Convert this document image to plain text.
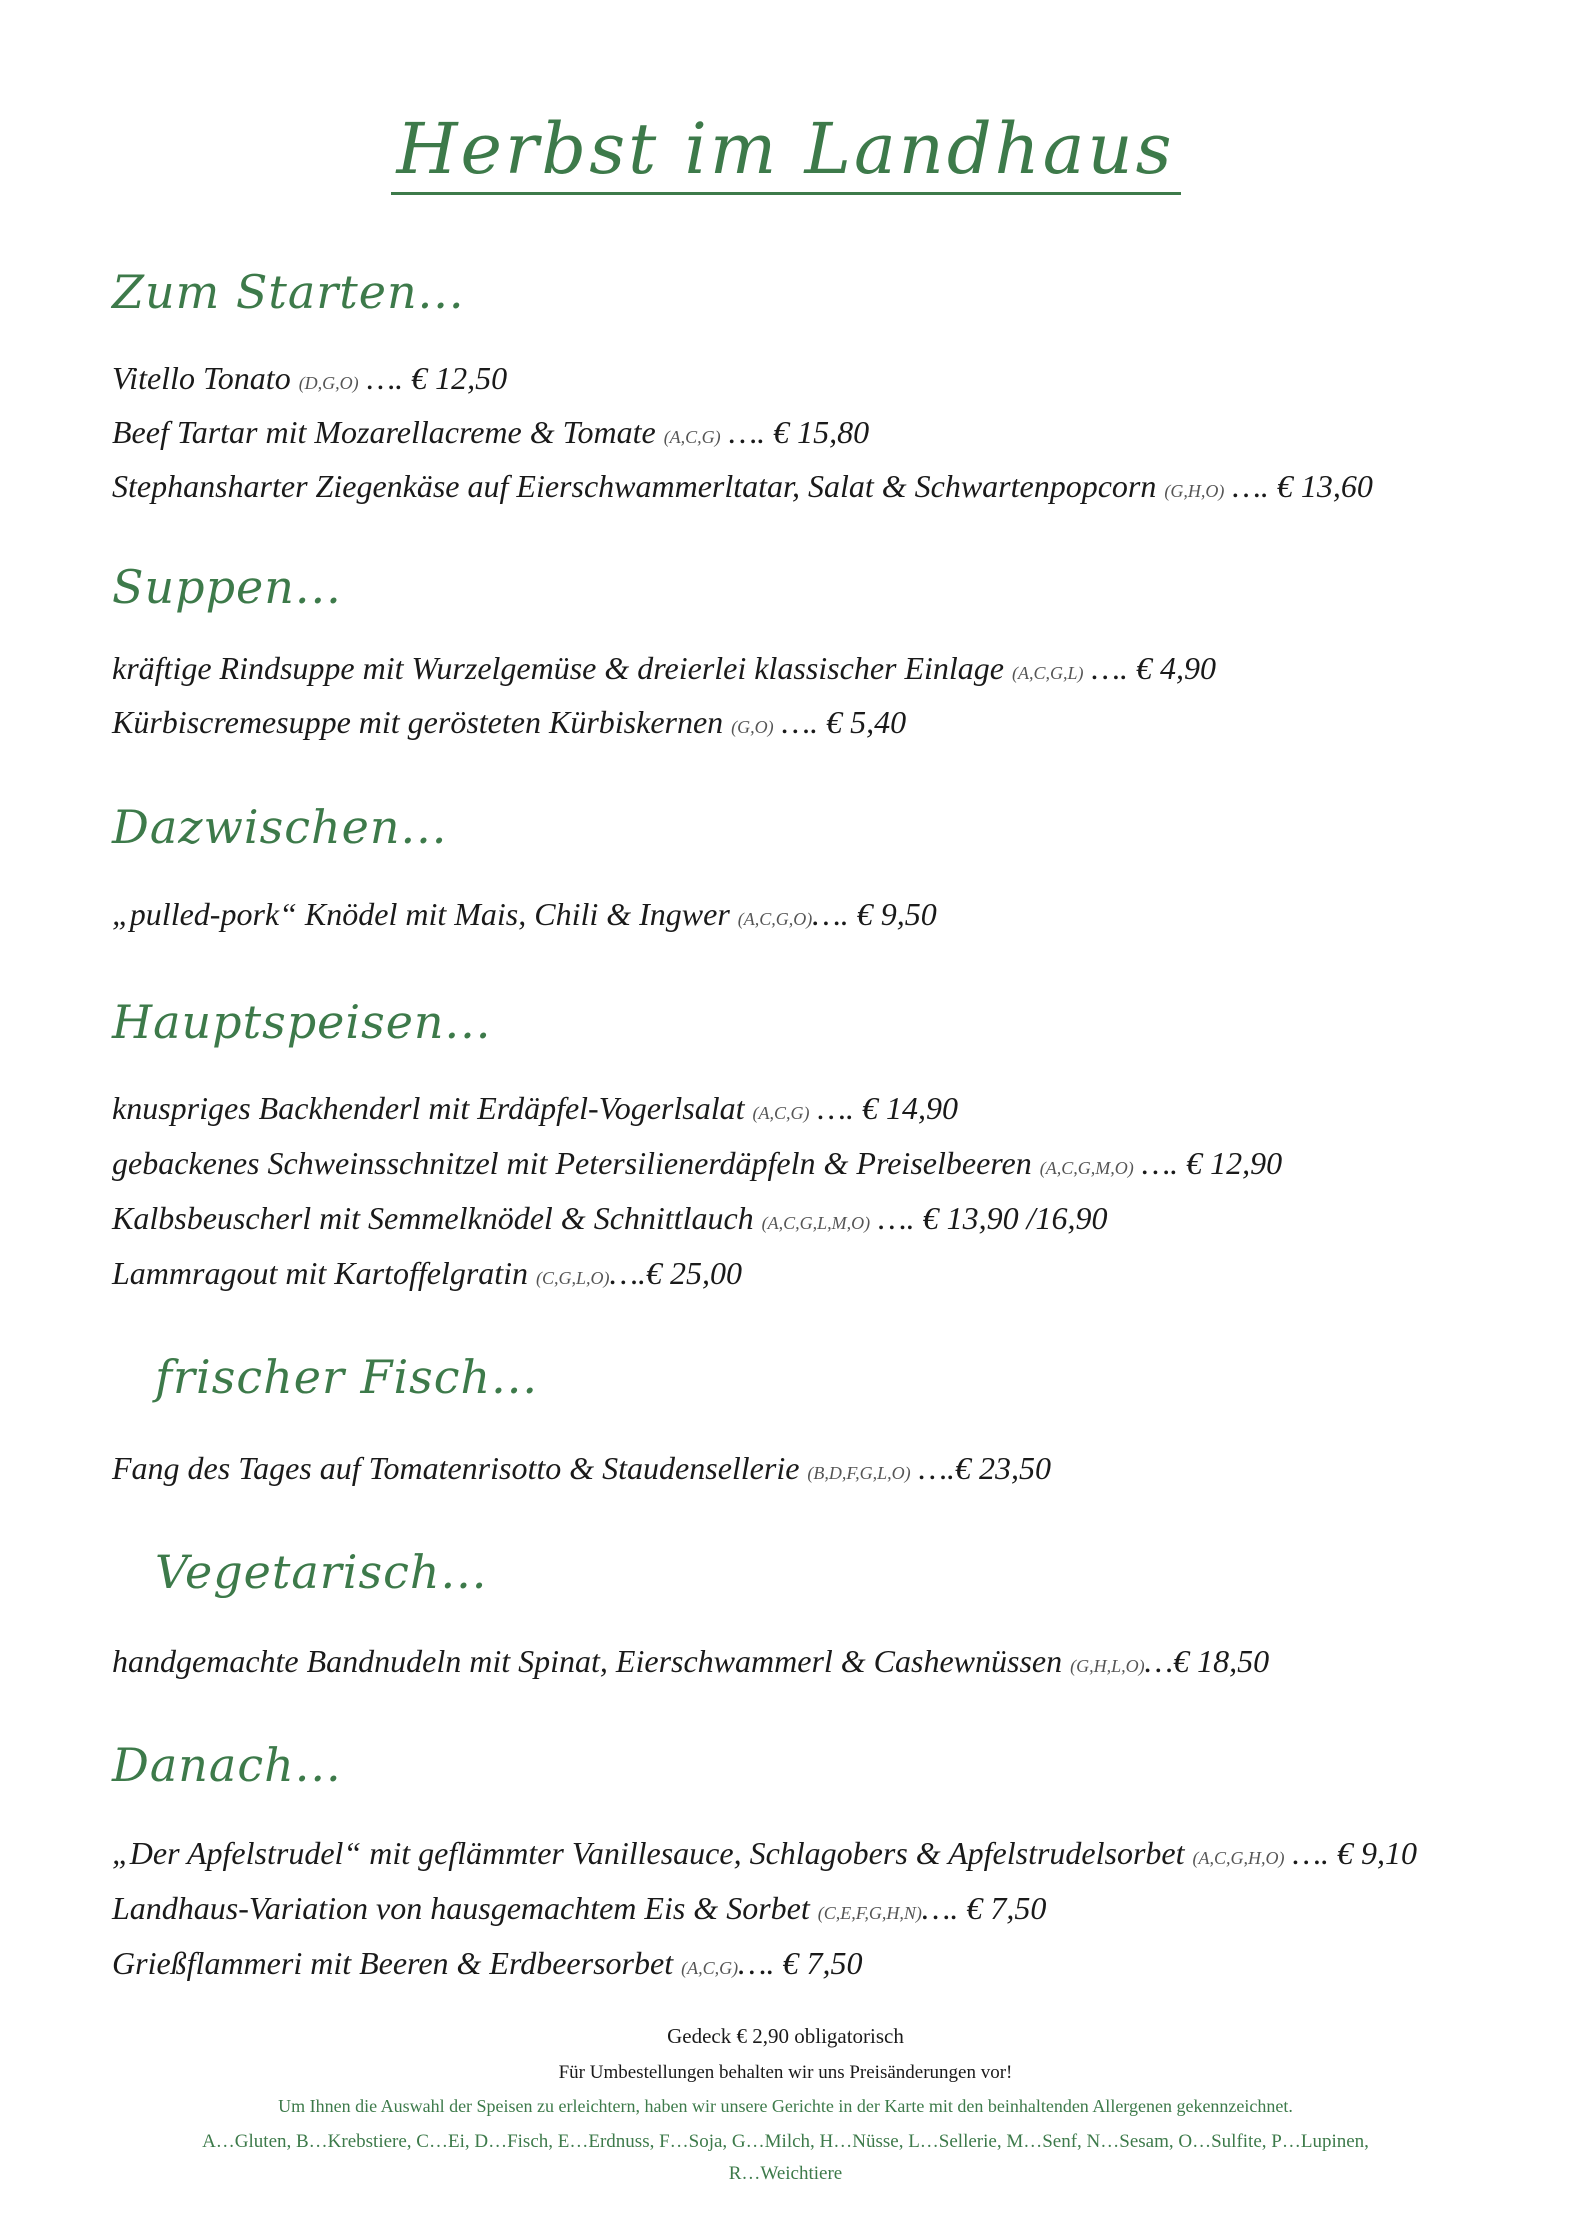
Herbst im Landhaus
Zum Starten...
Vitello Tonato (D,G,O) …. € 12,50
Beef Tartar mit Mozarellacreme & Tomate (A,C,G) …. € 15,80
Stephansharter Ziegenkäse auf Eierschwammerltatar, Salat & Schwartenpopcorn (G,H,O) …. € 13,60
Suppen...
kräftige Rindsuppe mit Wurzelgemüse & dreierlei klassischer Einlage (A,C,G,L) …. € 4,90
Kürbiscremesuppe mit gerösteten Kürbiskernen (G,O) …. € 5,40
Dazwischen...
„pulled-pork“ Knödel mit Mais, Chili & Ingwer (A,C,G,O)…. € 9,50
Hauptspeisen...
knuspriges Backhenderl mit Erdäpfel-Vogerlsalat (A,C,G) …. € 14,90
gebackenes Schweinsschnitzel mit Petersilienerdäpfeln & Preiselbeeren (A,C,G,M,O) …. € 12,90
Kalbsbeuscherl mit Semmelknödel & Schnittlauch (A,C,G,L,M,O) …. € 13,90 /16,90
Lammragout mit Kartoffelgratin (C,G,L,O)….€ 25,00
frischer Fisch...
Fang des Tages auf Tomatenrisotto & Staudensellerie (B,D,F,G,L,O) ….€ 23,50
Vegetarisch...
handgemachte Bandnudeln mit Spinat, Eierschwammerl & Cashewnüssen (G,H,L,O)…€ 18,50
Danach...
„Der Apfelstrudel“ mit geflämmter Vanillesauce, Schlagobers & Apfelstrudelsorbet (A,C,G,H,O) …. € 9,10
Landhaus-Variation von hausgemachtem Eis & Sorbet (C,E,F,G,H,N)…. € 7,50
Grießflammeri mit Beeren & Erdbeersorbet (A,C,G)…. € 7,50
Gedeck € 2,90 obligatorisch
Für Umbestellungen behalten wir uns Preisänderungen vor!
Um Ihnen die Auswahl der Speisen zu erleichtern, haben wir unsere Gerichte in der Karte mit den beinhaltenden Allergenen gekennzeichnet.
A…Gluten, B…Krebstiere, C…Ei, D…Fisch, E…Erdnuss, F…Soja, G…Milch, H…Nüsse, L…Sellerie, M…Senf, N…Sesam, O…Sulfite, P…Lupinen,
R…Weichtiere
